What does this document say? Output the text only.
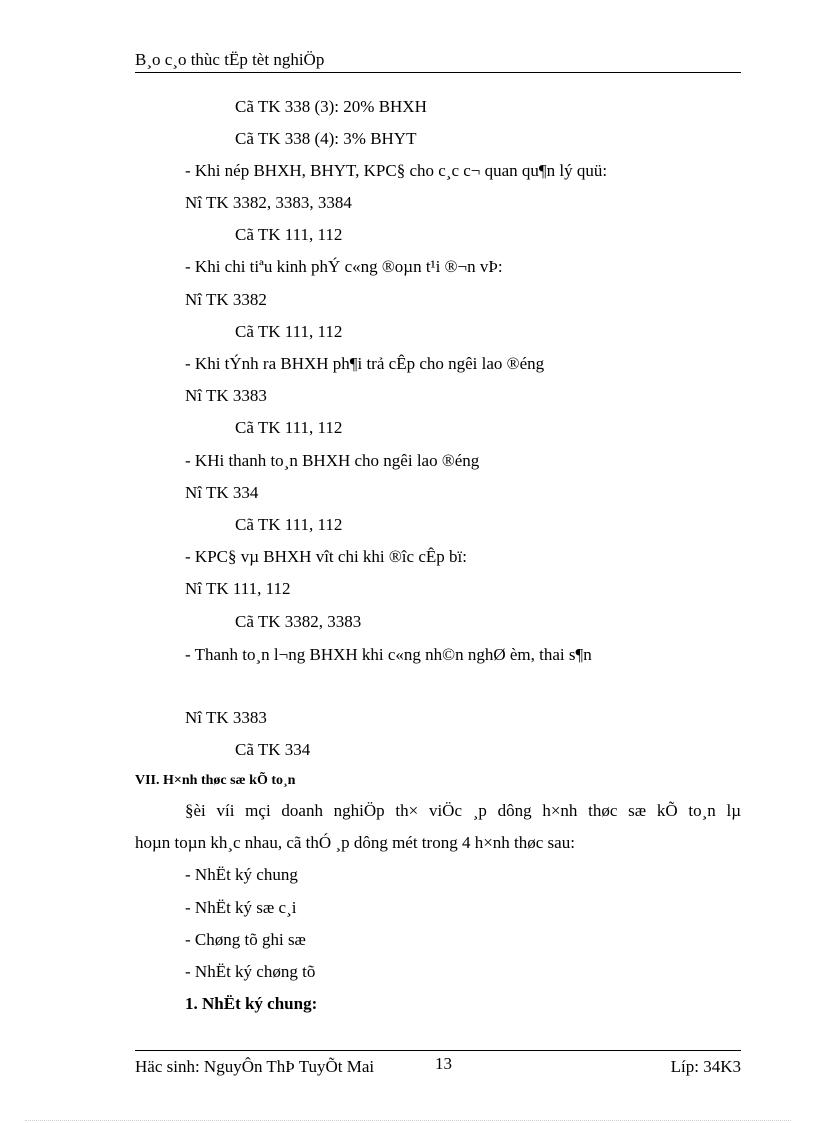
B¸o c¸o thùc tËp tèt nghiÖp
Cã TK 338 (3): 20% BHXH
Cã TK 338 (4): 3% BHYT
- Khi nép BHXH, BHYT, KPC§ cho c¸c c¬ quan qu¶n lý quü:
Nî TK 3382, 3383, 3384
Cã TK 111, 112
- Khi chi tiªu kinh phÝ c«ng ®oµn t¹i ®¬n vÞ:
Nî TK 3382
Cã TK 111, 112
- Khi tÝnh ra BHXH ph¶i trả cÊp cho ngêi lao ®éng
Nî TK 3383
Cã TK 111, 112
- KHi thanh to¸n BHXH cho ngêi lao ®éng
Nî TK 334
Cã TK 111, 112
- KPC§ vµ BHXH vît chi khi ®îc cÊp bï:
Nî TK 111, 112
Cã TK 3382, 3383
- Thanh to¸n l¬ng BHXH khi c«ng nh©n nghØ èm, thai s¶n
Nî TK 3383
Cã TK 334
VII. H×nh thøc sæ kÕ to¸n
§èi víi mçi doanh nghiÖp th× viÖc ¸p dông h×nh thøc sæ kÕ to¸n lµ
hoµn toµn kh¸c nhau, cã thÓ ¸p dông mét trong 4 h×nh thøc sau:
- NhËt ký chung
- NhËt ký sæ c¸i
- Chøng tõ ghi sæ
- NhËt ký chøng tõ
1. NhËt ký chung:
Häc sinh: NguyÔn ThÞ TuyÕt Mai	13	Líp: 34K3
